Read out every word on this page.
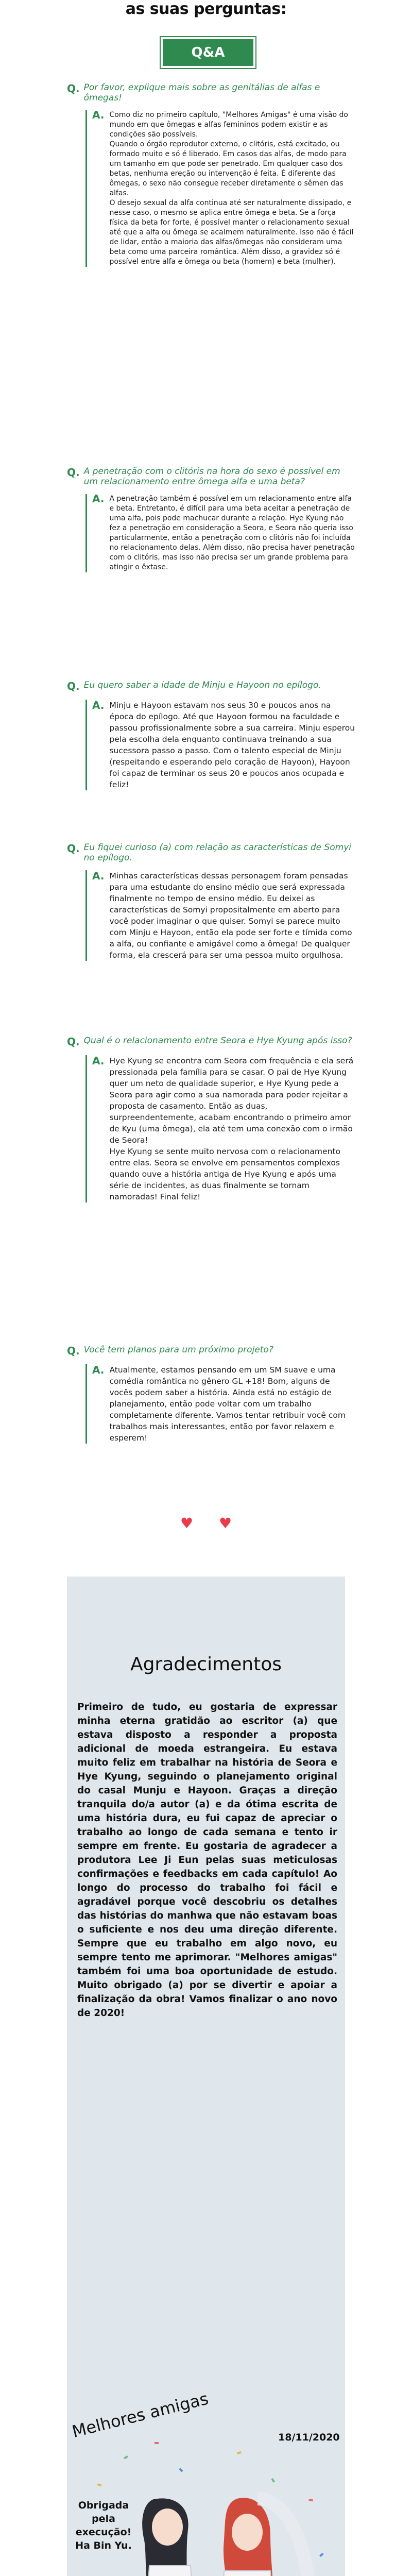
as suas perguntas:
Q&A
Q. Por favor, explique mais sobre as genitálias de alfas e ômegas!
A. Como diz no primeiro capítulo, "Melhores Amigas" é uma visão do mundo em que ômegas e alfas femininos podem existir e as condições são possíveis.
Quando o órgão reprodutor externo, o clitóris, está excitado, ou formado muito e só é liberado. Em casos das alfas, de modo para um tamanho em que pode ser penetrado. Em qualquer caso dos betas, nenhuma ereção ou intervenção é feita. É diferente das ômegas, o sexo não consegue receber diretamente o sêmen das alfas.
O desejo sexual da alfa continua até ser naturalmente dissipado, e nesse caso, o mesmo se aplica entre ômega e beta. Se a força física da beta for forte, é possível manter o relacionamento sexual até que a alfa ou ômega se acalmem naturalmente. Isso não é fácil de lidar, então a maioria das alfas/ômegas não consideram uma beta como uma parceira romântica. Além disso, a gravidez só é possível entre alfa e ômega ou beta (homem) e beta (mulher).
Q. A penetração com o clitóris na hora do sexo é possível em um relacionamento entre ômega alfa e uma beta?
A. A penetração também é possível em um relacionamento entre alfa e beta. Entretanto, é difícil para uma beta aceitar a penetração de uma alfa, pois pode machucar durante a relação. Hye Kyung não fez a penetração em consideração a Seora, e Seora não queria isso particularmente, então a penetração com o clitóris não foi incluída no relacionamento delas. Além disso, não precisa haver penetração com o clitóris, mas isso não precisa ser um grande problema para atingir o êxtase.
Q. Eu quero saber a idade de Minju e Hayoon no epílogo.
A. Minju e Hayoon estavam nos seus 30 e poucos anos na época do epílogo. Até que Hayoon formou na faculdade e passou profissionalmente sobre a sua carreira. Minju esperou pela escolha dela enquanto continuava treinando a sua sucessora passo a passo. Com o talento especial de Minju (respeitando e esperando pelo coração de Hayoon), Hayoon foi capaz de terminar os seus 20 e poucos anos ocupada e feliz!
Q. Eu fiquei curioso (a) com relação as características de Somyi no epílogo.
A. Minhas características dessas personagem foram pensadas para uma estudante do ensino médio que será expressada finalmente no tempo de ensino médio. Eu deixei as características de Somyi propositalmente em aberto para você poder imaginar o que quiser. Somyi se parece muito com Minju e Hayoon, então ela pode ser forte e tímida como a alfa, ou confiante e amigável como a ômega! De qualquer forma, ela crescerá para ser uma pessoa muito orgulhosa.
Q. Qual é o relacionamento entre Seora e Hye Kyung após isso?
A. Hye Kyung se encontra com Seora com frequência e ela será pressionada pela família para se casar. O pai de Hye Kyung quer um neto de qualidade superior, e Hye Kyung pede a Seora para agir como a sua namorada para poder rejeitar a proposta de casamento. Então as duas, surpreendentemente, acabam encontrando o primeiro amor de Kyu (uma ômega), ela até tem uma conexão com o irmão de Seora!
Hye Kyung se sente muito nervosa com o relacionamento entre elas. Seora se envolve em pensamentos complexos quando ouve a história antiga de Hye Kyung e após uma série de incidentes, as duas finalmente se tornam namoradas! Final feliz!
Q. Você tem planos para um próximo projeto?
A. Atualmente, estamos pensando em um SM suave e uma comédia romântica no gênero GL +18! Bom, alguns de vocês podem saber a história. Ainda está no estágio de planejamento, então pode voltar com um trabalho completamente diferente. Vamos tentar retribuir você com trabalhos mais interessantes, então por favor relaxem e esperem!
♥ ♥
Agradecimentos
Primeiro de tudo, eu gostaria de expressar minha eterna gratidão ao escritor (a) que estava disposto a responder a proposta adicional de moeda estrangeira. Eu estava muito feliz em trabalhar na história de Seora e Hye Kyung, seguindo o planejamento original do casal Munju e Hayoon. Graças a direção tranquila do/a autor (a) e da ótima escrita de uma história dura, eu fui capaz de apreciar o trabalho ao longo de cada semana e tento ir sempre em frente. Eu gostaria de agradecer a produtora Lee Ji Eun pelas suas meticulosas confirmações e feedbacks em cada capítulo! Ao longo do processo do trabalho foi fácil e agradável porque você descobriu os detalhes das histórias do manhwa que não estavam boas o suficiente e nos deu uma direção diferente. Sempre que eu trabalho em algo novo, eu sempre tento me aprimorar. "Melhores amigas" também foi uma boa oportunidade de estudo. Muito obrigado (a) por se divertir e apoiar a finalização da obra! Vamos finalizar o ano novo de 2020!
Melhores amigas	18/11/2020
Obrigada pela execução! Ha Bin Yu.
